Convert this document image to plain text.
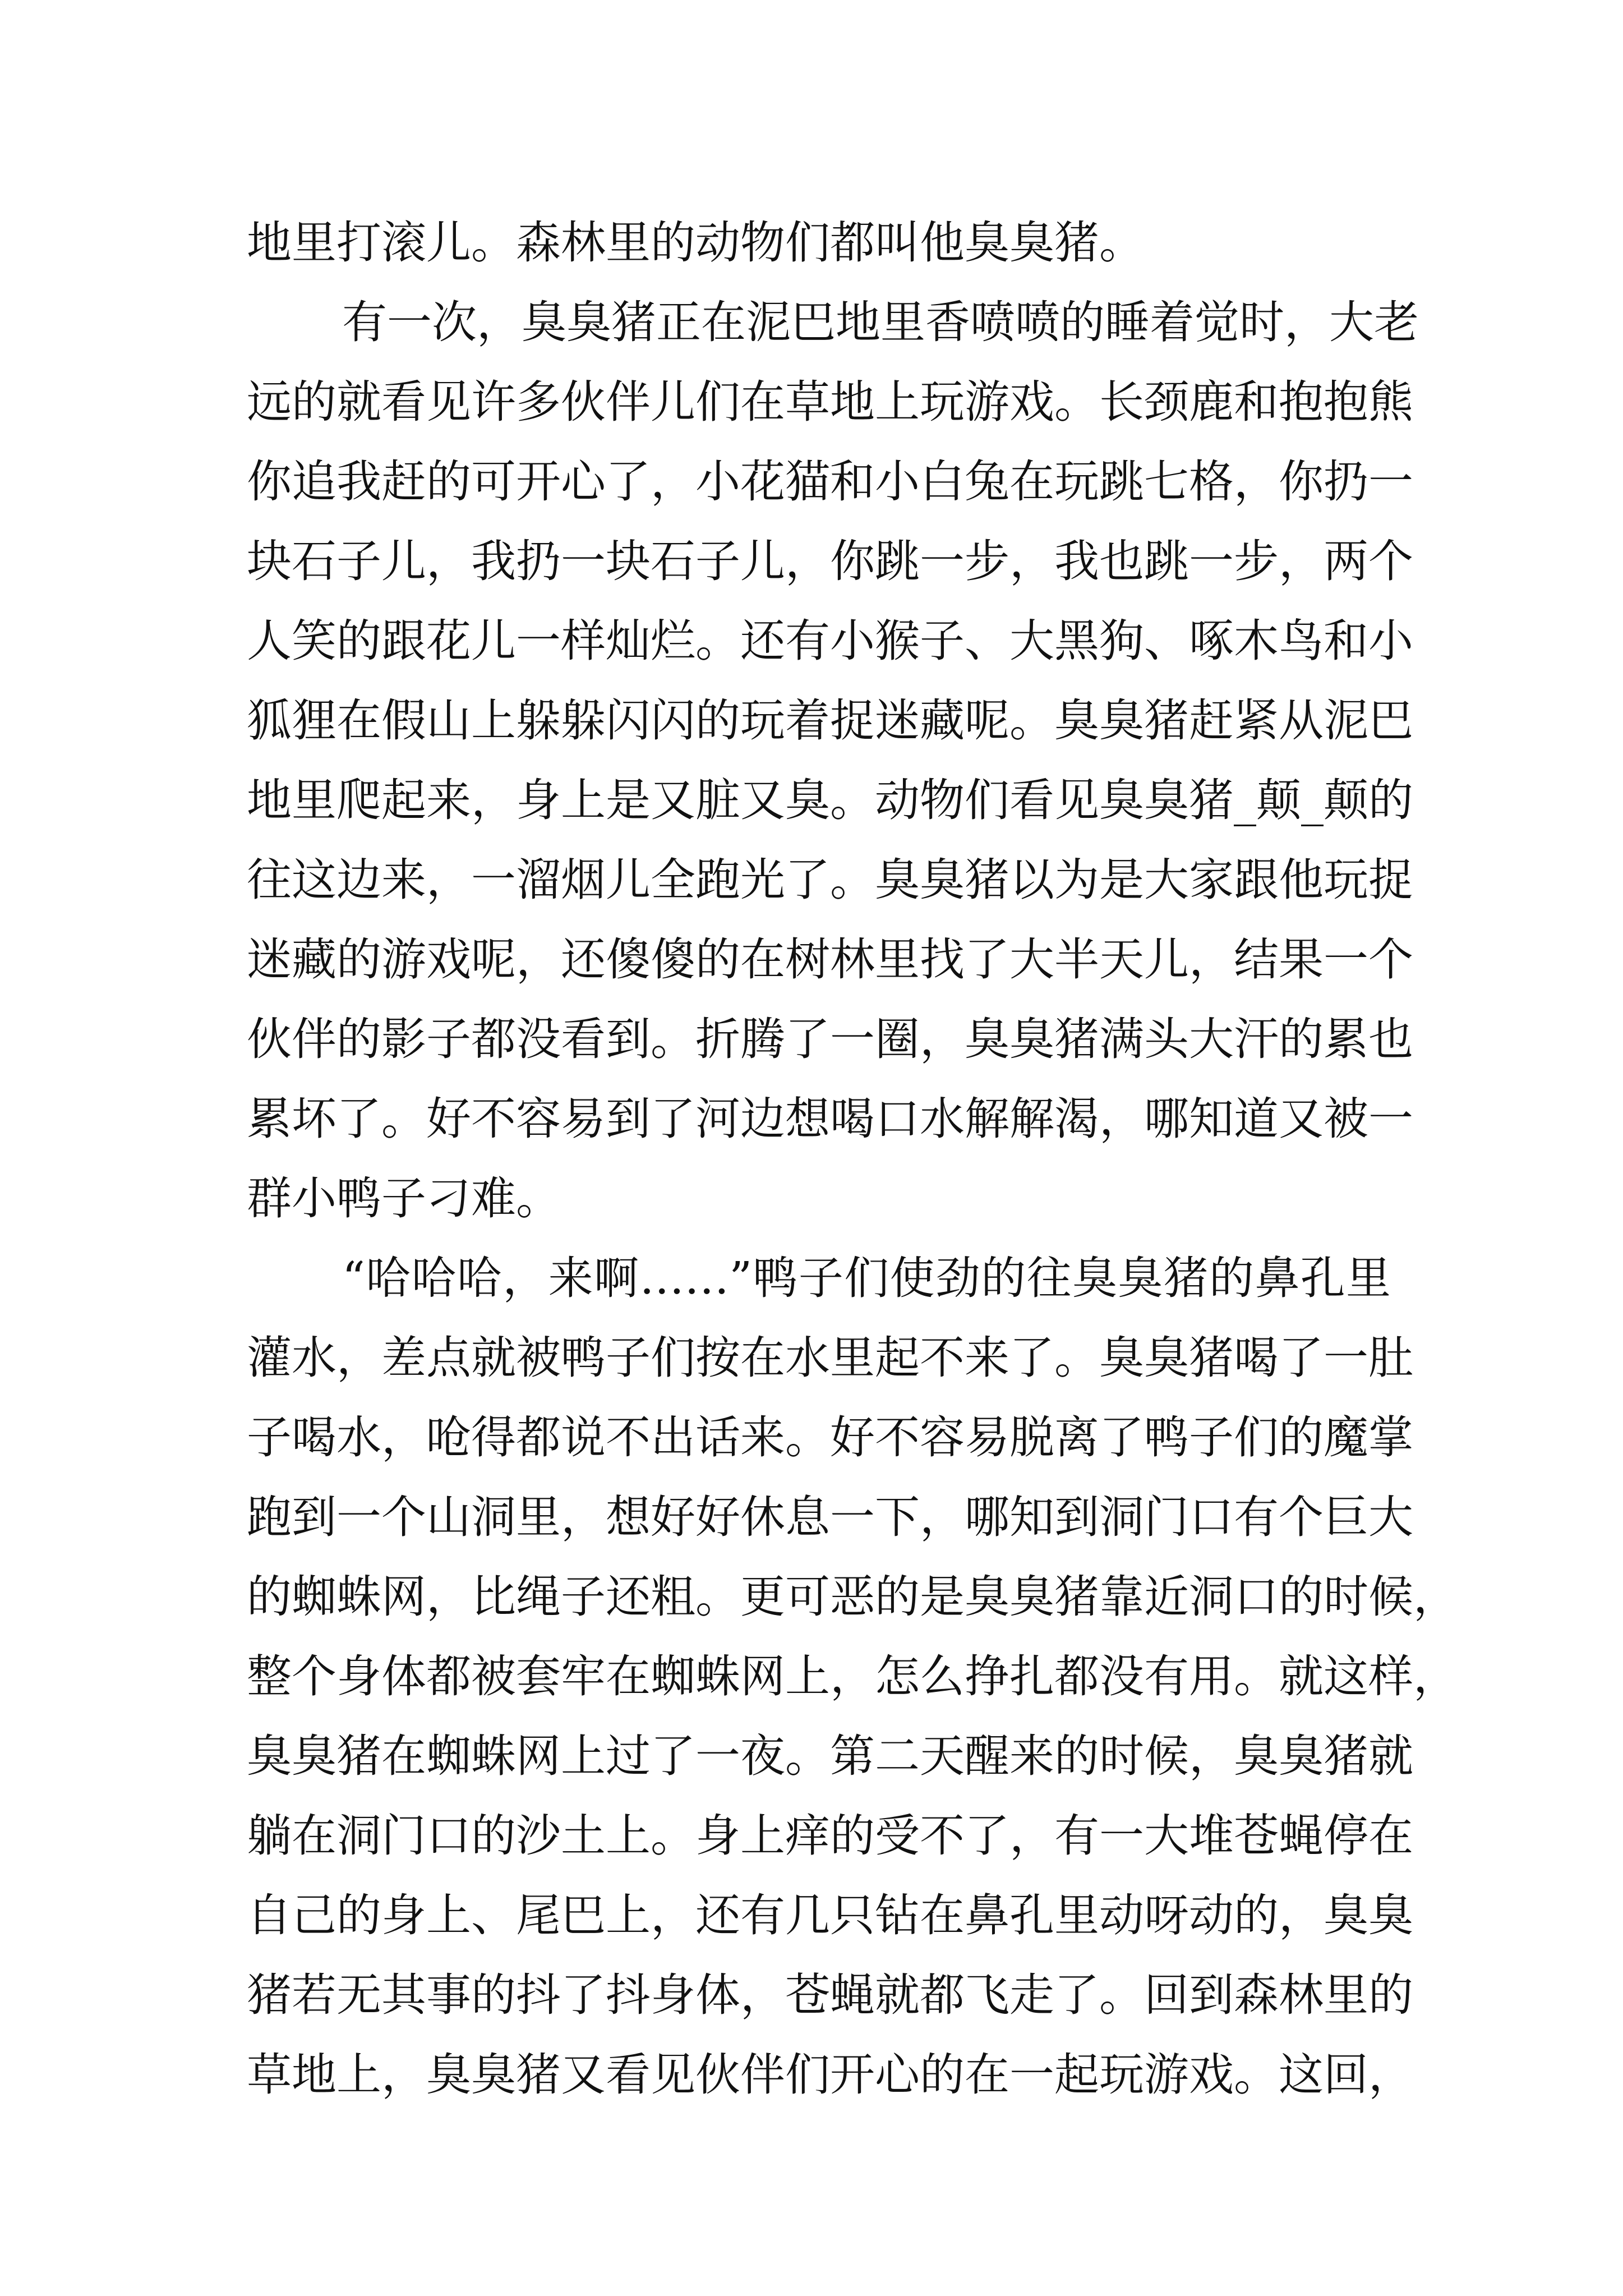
地里打滚儿。森林里的动物们都叫他臭臭猪。
有一次，臭臭猪正在泥巴地里香喷喷的睡着觉时，大老
远的就看见许多伙伴儿们在草地上玩游戏。长颈鹿和抱抱熊
你追我赶的可开心了，小花猫和小白兔在玩跳七格，你扔一
块石子儿，我扔一块石子儿，你跳一步，我也跳一步，两个
人笑的跟花儿一样灿烂。还有小猴子、大黑狗、啄木鸟和小
狐狸在假山上躲躲闪闪的玩着捉迷藏呢。臭臭猪赶紧从泥巴
地里爬起来，身上是又脏又臭。动物们看见臭臭猪_颠_颠的
往这边来，一溜烟儿全跑光了。臭臭猪以为是大家跟他玩捉
迷藏的游戏呢，还傻傻的在树林里找了大半天儿，结果一个
伙伴的影子都没看到。折腾了一圈，臭臭猪满头大汗的累也
累坏了。好不容易到了河边想喝口水解解渴，哪知道又被一
群小鸭子刁难。
“哈哈哈，来啊……”鸭子们使劲的往臭臭猪的鼻孔里
灌水，差点就被鸭子们按在水里起不来了。臭臭猪喝了一肚
子喝水，呛得都说不出话来。好不容易脱离了鸭子们的魔掌
跑到一个山洞里，想好好休息一下，哪知到洞门口有个巨大
的蜘蛛网，比绳子还粗。更可恶的是臭臭猪靠近洞口的时候，
整个身体都被套牢在蜘蛛网上，怎么挣扎都没有用。就这样，
臭臭猪在蜘蛛网上过了一夜。第二天醒来的时候，臭臭猪就
躺在洞门口的沙土上。身上痒的受不了，有一大堆苍蝇停在
自己的身上、尾巴上，还有几只钻在鼻孔里动呀动的，臭臭
猪若无其事的抖了抖身体，苍蝇就都飞走了。回到森林里的
草地上，臭臭猪又看见伙伴们开心的在一起玩游戏。这回，
